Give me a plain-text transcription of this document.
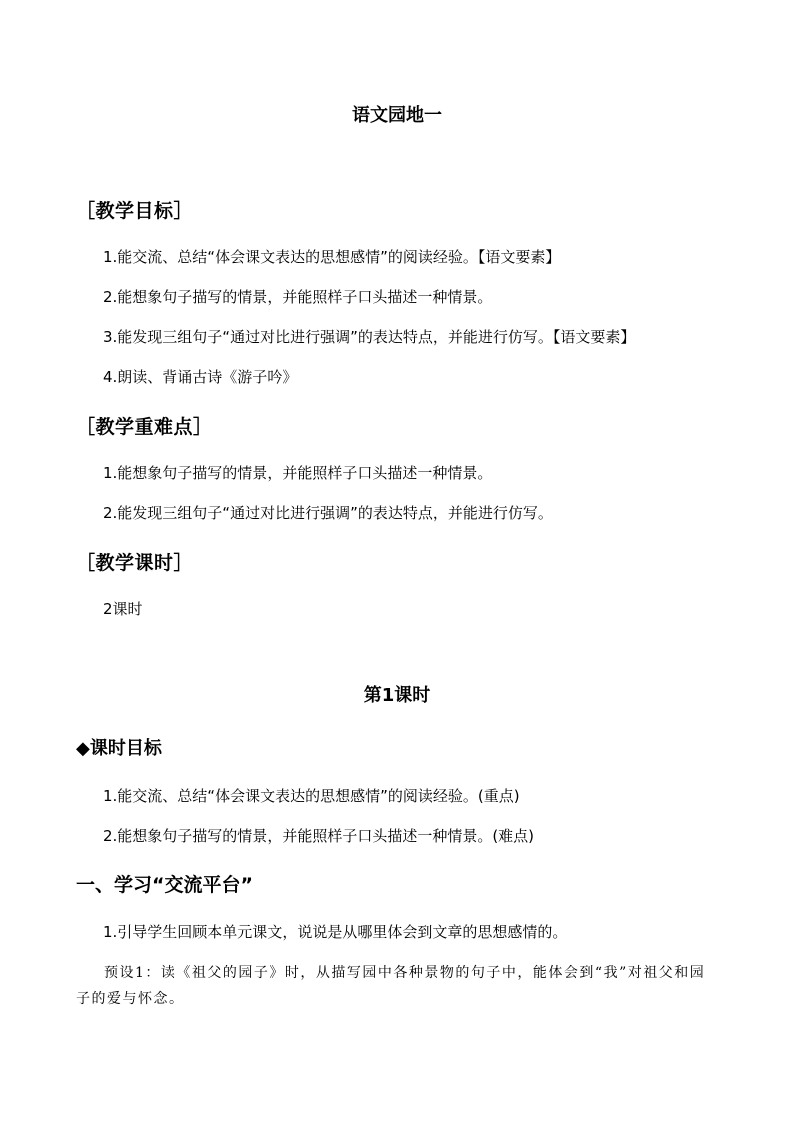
语文园地一
［教学目标］
1.能交流、总结“体会课文表达的思想感情”的阅读经验。【语文要素】
2.能想象句子描写的情景，并能照样子口头描述一种情景。
3.能发现三组句子“通过对比进行强调”的表达特点，并能进行仿写。【语文要素】
4.朗读、背诵古诗《游子吟》
［教学重难点］
1.能想象句子描写的情景，并能照样子口头描述一种情景。
2.能发现三组句子“通过对比进行强调”的表达特点，并能进行仿写。
［教学课时］
2课时
第1课时
◆课时目标
1.能交流、总结“体会课文表达的思想感情”的阅读经验。(重点)
2.能想象句子描写的情景，并能照样子口头描述一种情景。(难点)
一、学习“交流平台”
1.引导学生回顾本单元课文，说说是从哪里体会到文章的思想感情的。
预设1：读《祖父的园子》时，从描写园中各种景物的句子中，能体会到“我”对祖父和园子的爱与怀念。
